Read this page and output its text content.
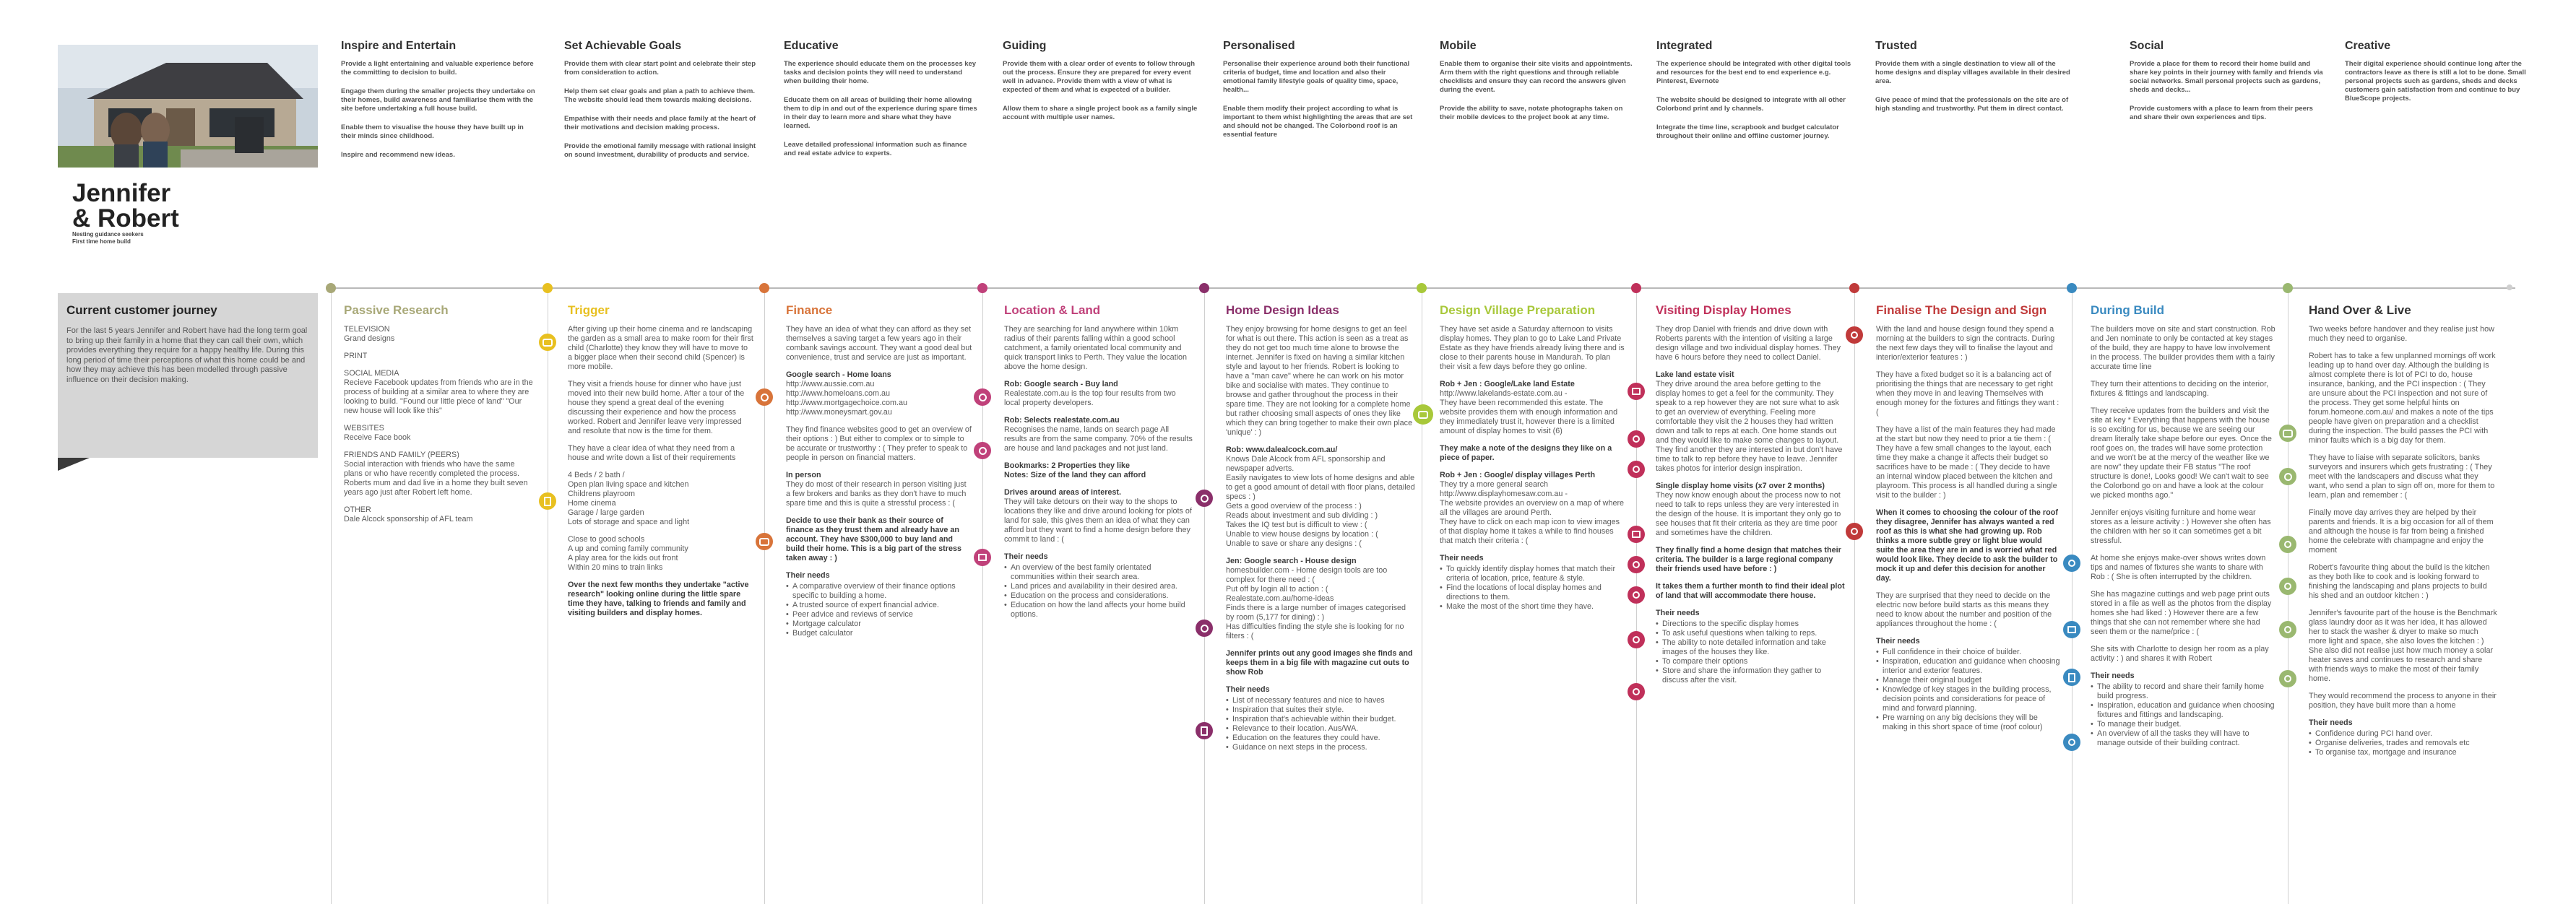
Jennifer
& Robert
Nesting guidance seekers
First time home build
Inspire and Entertain

Provide a light entertaining and valuable experience before the committing to decision to build.

Engage them during the smaller projects they undertake on their homes, build awareness and familiarise them with the site before undertaking a full house build.

Enable them to visualise the house they have built up in their minds since childhood.

Inspire and recommend new ideas.

Set Achievable Goals

Provide them with clear start point and celebrate their step from consideration to action.

Help them set clear goals and plan a path to achieve them. The website should lead them towards making decisions.

Empathise with their needs and place family at the heart of their motivations and decision making process.

Provide the emotional family message with rational insight on sound investment, durability of products and service.

Educative

The experience should educate them on the processes key tasks and decision points they will need to understand when building their home.

Educate them on all areas of building their home allowing them to dip in and out of the experience during spare times in their day to learn more and share what they have learned.

Leave detailed professional information such as finance and real estate advice to experts.

Guiding

Provide them with a clear order of events to follow through out the process. Ensure they are prepared for every event well in advance. Provide them with a view of what is expected of them and what is expected of a builder.

Allow them to share a single project book as a family single account with multiple user names.

Personalised

Personalise their experience around both their functional criteria of budget, time and location and also their emotional family lifestyle goals of quality time, space, health...

Enable them modify their project according to what is important to them whist highlighting the areas that are set and should not be changed. The Colorbond roof is an essential feature

Mobile

Enable them to organise their site visits and appointments. Arm them with the right questions and through reliable checklists and ensure they can record the answers given during the event.

Provide the ability to save, notate photographs taken on their mobile devices to the project book at any time.

Integrated

The experience should be integrated with other digital tools and resources for the best end to end experience e.g. Pinterest, Evernote

The website should be designed to integrate with all other Colorbond print and ly channels.

Integrate the time line, scrapbook and budget calculator throughout their online and offline customer journey.

Trusted

Provide them with a single destination to view all of the home designs and display villages available in their desired area.

Give peace of mind that the professionals on the site are of high standing and trustworthy. Put them in direct contact.

Social

Provide a place for them to record their home build and share key points in their journey with family and friends via social networks. Small personal projects such as gardens, sheds and decks...

Provide customers with a place to learn from their peers and share their own experiences and tips.

Creative

Their digital experience should continue long after the contractors leave as there is still a lot to be done. Small personal projects such as gardens, sheds and decks customers gain satisfaction from and continue to buy BlueScope projects.

Current customer journey

For the last 5 years Jennifer and Robert have had the long term goal to bring up their family in a home that they can call their own, which provides everything they require for a happy healthy life. During this long period of time their perceptions of what this home could be and how they may achieve this has been modelled through passive influence on their decision making.

Passive Research

TELEVISION
Grand designs

PRINT

SOCIAL MEDIA
Recieve Facebook updates from friends who are in the process of building at a similar area to where they are looking to build. "Found our little piece of land" "Our new house will look like this"

WEBSITES
Receive Face book

FRIENDS AND FAMILY (PEERS)
Social interaction with friends who have the same plans or who have recently completed the process.
Roberts mum and dad live in a home they built seven years ago just after Robert left home.

OTHER
Dale Alcock sponsorship of AFL team

Trigger

After giving up their home cinema and re landscaping the garden as a small area to make room for their first child (Charlotte) they know they will have to move to a bigger place when their second child (Spencer) is more mobile.

They visit a friends house for dinner who have just moved into their new build home. After a tour of the house they spend a great deal of the evening discussing their experience and how the process worked. Robert and Jennifer leave very impressed and resolute that now is the time for them.

They have a clear idea of what they need from a house and write down a list of their requirements

4 Beds / 2 bath /
Open plan living space and kitchen
Childrens playroom
Home cinema
Garage / large garden
Lots of storage and space and light

Close to good schools
A up and coming family community
A play area for the kids out front
Within 20 mins to train links

Over the next few months they undertake "active research" looking online during the little spare time they have, talking to friends and family and visiting builders and display homes.

Finance

They have an idea of what they can afford as they set themselves a saving target a few years ago in their combank savings account. They want a good deal but convenience, trust and service are just as important.

Google search - Home loans

http://www.aussie.com.au
http://www.homeloans.com.au
http://www.mortgagechoice.com.au
http://www.moneysmart.gov.au

They find finance websites good to get an overview of their options : ) But either to complex or to simple to be accurate or trustworthy : ( They prefer to speak to people in person on financial matters.

In person

They do most of their research in person visiting just a few brokers and banks as they don't have to much spare time and this is quite a stressful process : (

Decide to use their bank as their source of finance as they trust them and already have an account. They have $300,000 to buy land and build their home. This is a big part of the stress taken away : )

Their needs

• A comparative overview of their finance options specific to building a home.
• A trusted source of expert financial advice.
• Peer advice and reviews of service
• Mortgage calculator
• Budget calculator
Location & Land

They are searching for land anywhere within 10km radius of their parents falling within a good school catchment, a family orientated local community and quick transport links to Perth. They value the location above the home design.

Rob: Google search - Buy land

Realestate.com.au is the top four results from two local property developers.

Rob: Selects realestate.com.au

Recognises the name, lands on search page All results are from the same company. 70% of the results are house and land packages and not just land.

Bookmarks: 2 Properties they like
Notes: Size of the land they can afford

Drives around areas of interest.

They will take detours on their way to the shops to locations they like and drive around looking for plots of land for sale, this gives them an idea of what they can afford but they want to find a home design before they commit to land : (

Their needs

• An overview of the best family orientated communities within their search area.
• Land prices and availability in their desired area.
• Education on the process and considerations.
• Education on how the land affects your home build options.
Home Design Ideas

They enjoy browsing for home designs to get an feel for what is out there. This action is seen as a treat as they do not get too much time alone to browse the internet. Jennifer is fixed on having a similar kitchen style and layout to her friends. Robert is looking to have a "man cave" where he can work on his motor bike and socialise with mates. They continue to browse and gather throughout the process in their spare time. They are not looking for a complete home but rather choosing small aspects of ones they like which they can bring together to make their own place 'unique' : )

Rob: www.dalealcock.com.au/

Knows Dale Alcock from AFL sponsorship and newspaper adverts.
Easily navigates to view lots of home designs and able to get a good amount of detail with floor plans, detailed specs : )
Gets a good overview of the process : )
Reads about investment and sub dividing : )
Takes the IQ test but is difficult to view : (
Unable to view house designs by location : (
Unable to save or share any designs : (

Jen: Google search - House design

homesbuilder.com - Home design tools are too complex for there need : (
Put off by login all to action : (
Realestate.com.au/home-ideas
Finds there is a large number of images categorised by room (5,177 for dining) : )
Has difficulties finding the style she is looking for no filters : (

Jennifer prints out any good images she finds and keeps them in a big file with magazine cut outs to show Rob

Their needs

• List of necessary features and nice to haves
• Inspiration that suites their style.
• Inspiration that's achievable within their budget.
• Relevance to their location. Aus/WA.
• Education on the features they could have.
• Guidance on next steps in the process.
Design Village Preparation

They have set aside a Saturday afternoon to visits display homes. They plan to go to Lake Land Private Estate as they have friends already living there and is close to their parents house in Mandurah. To plan their visit a few days before they go online.

Rob + Jen : Google/Lake land Estate

http://www.lakelands-estate.com.au -
They have been recommended this estate. The website provides them with enough information and they immediately trust it, however there is a limited amount of display homes to visit (6)

They make a note of the designs they like on a piece of paper.

Rob + Jen : Google/ display villages Perth

They try a more general search
http://www.displayhomesaw.com.au -
The website provides an overview on a map of where all the villages are around Perth.
They have to click on each map icon to view images of that display home it takes a while to find houses that match their criteria : (

Their needs

• To quickly identify display homes that match their criteria of location, price, feature & style.
• Find the locations of local display homes and directions to them.
• Make the most of the short time they have.
Visiting Display Homes

They drop Daniel with friends and drive down with Roberts parents with the intention of visiting a large design village and two individual display homes. They have 6 hours before they need to collect Daniel.

Lake land estate visit

They drive around the area before getting to the display homes to get a feel for the community. They speak to a rep however they are not sure what to ask to get an overview of everything. Feeling more comfortable they visit the 2 houses they had written down and talk to reps at each. One home stands out and they would like to make some changes to layout. They find another they are interested in but don't have time to talk to rep before they have to leave. Jennifer takes photos for interior design inspiration.

Single display home visits (x7 over 2 months)

They now know enough about the process now to not need to talk to reps unless they are very interested in the design of the house. It is important they only go to see houses that fit their criteria as they are time poor and sometimes have the children.

They finally find a home design that matches their criteria. The builder is a large regional company their friends used have before : )

It takes them a further month to find their ideal plot of land that will accommodate there house.

Their needs

• Directions to the specific display homes
• To ask useful questions when talking to reps.
• The ability to note detailed information and take images of the houses they like.
• To compare their options
• Store and share the information they gather to discuss after the visit.
Finalise The Design and Sign

With the land and house design found they spend a morning at the builders to sign the contracts. During the next few days they will to finalise the layout and interior/exterior features : )

They have a fixed budget so it is a balancing act of prioritising the things that are necessary to get right when they move in and leaving Themselves with enough money for the fixtures and fittings they want : (

They have a list of the main features they had made at the start but now they need to prior a tie them : ( They have a few small changes to the layout, each time they make a change it affects their budget so sacrifices have to be made : ( They decide to have an internal window placed between the kitchen and playroom. This process is all handled during a single visit to the builder : )

When it comes to choosing the colour of the roof they disagree, Jennifer has always wanted a red roof as this is what she had growing up. Rob thinks a more subtle grey or light blue would suite the area they are in and is worried what red would look like. They decide to ask the builder to mock it up and defer this decision for another day.

They are surprised that they need to decide on the electric now before build starts as this means they need to know about the number and position of the appliances throughout the home : (

Their needs

• Full confidence in their choice of builder.
• Inspiration, education and guidance when choosing interior and exterior features.
• Manage their original budget
• Knowledge of key stages in the building process, decision points and considerations for peace of mind and forward planning.
• Pre warning on any big decisions they will be making in this short space of time (roof colour)
During Build

The builders move on site and start construction. Rob and Jen nominate to only be contacted at key stages of the build, they are happy to have low involvement in the process. The builder provides them with a fairly accurate time line

They turn their attentions to deciding on the interior, fixtures & fittings and landscaping.

They receive updates from the builders and visit the site at key * Everything that happens with the house is so exciting for us, because we are seeing our dream literally take shape before our eyes. Once the roof goes on, the trades will have some protection and we won't be at the mercy of the weather like we are now" they update their FB status "The roof structure is done!, Looks good! We can't wait to see the Colorbond go on and have a look at the colour we picked months ago."

Jennifer enjoys visiting furniture and home wear stores as a leisure activity : ) However she often has the children with her so it can sometimes get a bit stressful.

At home she enjoys make-over shows writes down tips and names of fixtures she wants to share with Rob : ( She is often interrupted by the children.

She has magazine cuttings and web page print outs stored in a file as well as the photos from the display homes she had liked : ) However there are a few things that she can not remember where she had seen them or the name/price : (

She sits with Charlotte to design her room as a play activity : ) and shares it with Robert

Their needs

• The ability to record and share their family home build progress.
• Inspiration, education and guidance when choosing fixtures and fittings and landscaping.
• To manage their budget.
• An overview of all the tasks they will have to manage outside of their building contract.
Hand Over & Live

Two weeks before handover and they realise just how much they need to organise.

Robert has to take a few unplanned mornings off work leading up to hand over day. Although the building is almost complete there is lot of PCI to do, house insurance, banking, and the PCI inspection : ( They are unsure about the PCI inspection and not sure of the process. They get some helpful hints on forum.homeone.com.au/ and makes a note of the tips people have given on preparation and a checklist during the inspection. The build passes the PCI with minor faults which is a big day for them.

They have to liaise with separate solicitors, banks surveyors and insurers which gets frustrating : ( They meet with the landscapers and discuss what they want, who send a plan to sign off on, more for them to learn, plan and remember : (

Finally move day arrives they are helped by their parents and friends. It is a big occasion for all of them and although the house is far from being a finished home the celebrate with champagne and enjoy the moment

Robert's favourite thing about the build is the kitchen as they both like to cook and is looking forward to finishing the landscaping and plans projects to build his shed and an outdoor kitchen : )

Jennifer's favourite part of the house is the Benchmark glass laundry door as it was her idea, it has allowed her to stack the washer & dryer to make so much more light and space, she also loves the kitchen : ) She also did not realise just how much money a solar heater saves and continues to research and share with friends ways to make the most of their family home.

They would recommend the process to anyone in their position, they have built more than a home

Their needs

• Confidence during PCI hand over.
• Organise deliveries, trades and removals etc
• To organise tax, mortgage and insurance
